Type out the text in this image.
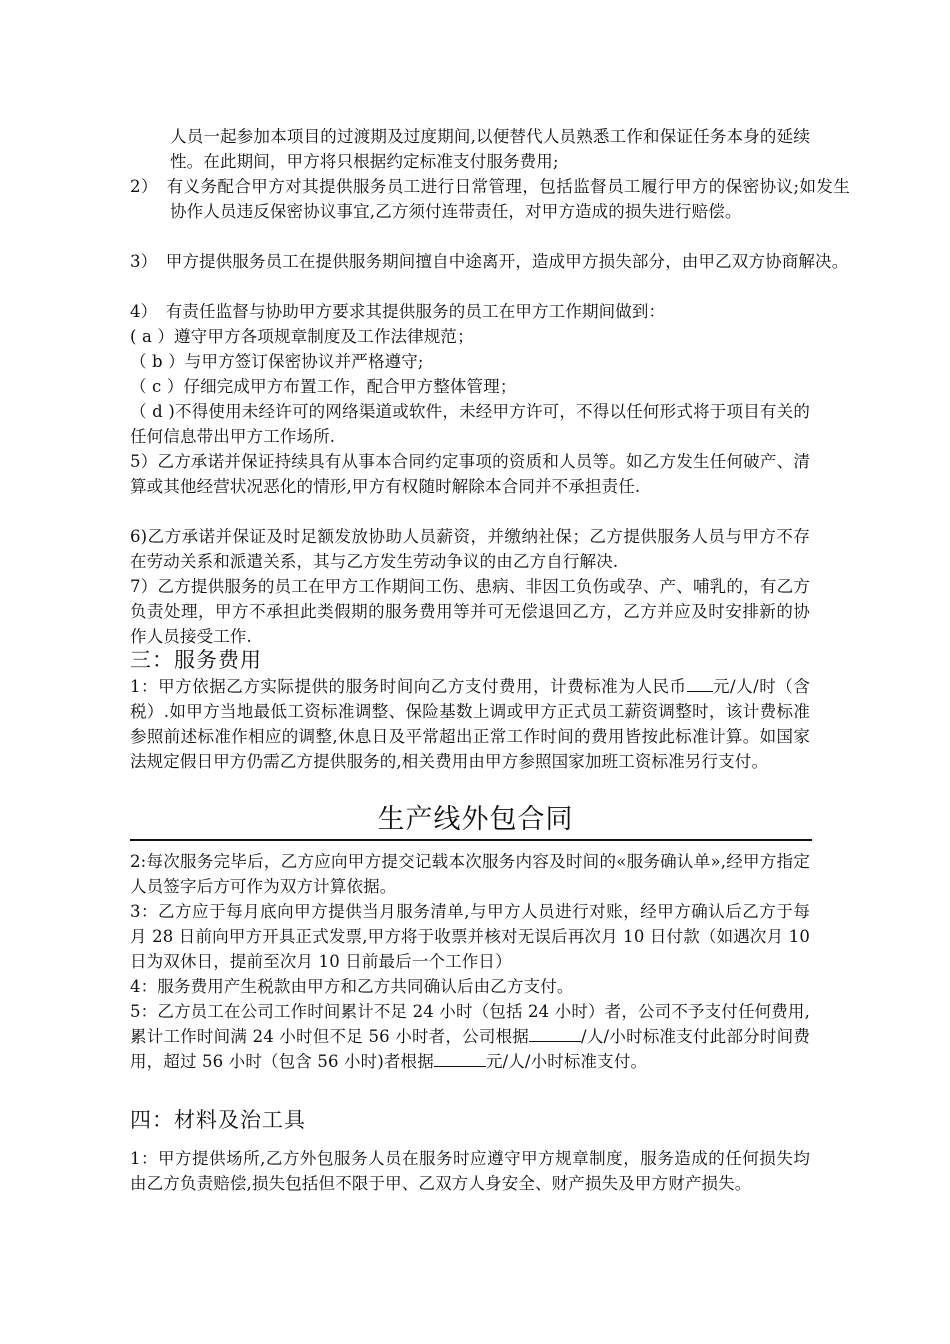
人员一起参加本项目的过渡期及过度期间,以便替代人员熟悉工作和保证任务本身的延续性。在此期间，甲方将只根据约定标准支付服务费用;

2）　有义务配合甲方对其提供服务员工进行日常管理，包括监督员工履行甲方的保密协议;如发生协作人员违反保密协议事宜,乙方须付连带责任，对甲方造成的损失进行赔偿。

3）　甲方提供服务员工在提供服务期间擅自中途离开，造成甲方损失部分，由甲乙双方协商解决。

4）　有责任监督与协助甲方要求其提供服务的员工在甲方工作期间做到：

( a ）遵守甲方各项规章制度及工作法律规范；

（ b ）与甲方签订保密协议并严格遵守;

（ c ）仔细完成甲方布置工作，配合甲方整体管理；

（ d )不得使用未经许可的网络渠道或软件，未经甲方许可，不得以任何形式将于项目有关的任何信息带出甲方工作场所.

5）乙方承诺并保证持续具有从事本合同约定事项的资质和人员等。如乙方发生任何破产、清算或其他经营状况恶化的情形,甲方有权随时解除本合同并不承担责任.

6)乙方承诺并保证及时足额发放协助人员薪资，并缴纳社保；乙方提供服务人员与甲方不存在劳动关系和派遣关系，其与乙方发生劳动争议的由乙方自行解决.

7）乙方提供服务的员工在甲方工作期间工伤、患病、非因工负伤或孕、产、哺乳的，有乙方负责处理，甲方不承担此类假期的服务费用等并可无偿退回乙方，乙方并应及时安排新的协作人员接受工作.

三：服务费用

1：甲方依据乙方实际提供的服务时间向乙方支付费用，计费标准为人民币 元/人/时（含税）.如甲方当地最低工资标准调整、保险基数上调或甲方正式员工薪资调整时，该计费标准参照前述标准作相应的调整,休息日及平常超出正常工作时间的费用皆按此标准计算。如国家法规定假日甲方仍需乙方提供服务的,相关费用由甲方参照国家加班工资标准另行支付。

生产线外包合同

2:每次服务完毕后，乙方应向甲方提交记载本次服务内容及时间的«服务确认单»,经甲方指定人员签字后方可作为双方计算依据。

3：乙方应于每月底向甲方提供当月服务清单,与甲方人员进行对账，经甲方确认后乙方于每月 28 日前向甲方开具正式发票,甲方将于收票并核对无误后再次月 10 日付款（如遇次月 10 日为双休日，提前至次月 10 日前最后一个工作日）

4：服务费用产生税款由甲方和乙方共同确认后由乙方支付。

5：乙方员工在公司工作时间累计不足 24 小时（包括 24 小时）者，公司不予支付任何费用,累计工作时间满 24 小时但不足 56 小时者，公司根据	/人/小时标准支付此部分时间费用，超过 56 小时（包含 56 小时)者根据	元/人/小时标准支付。

四：材料及治工具

1：甲方提供场所,乙方外包服务人员在服务时应遵守甲方规章制度，服务造成的任何损失均由乙方负责赔偿,损失包括但不限于甲、乙双方人身安全、财产损失及甲方财产损失。
